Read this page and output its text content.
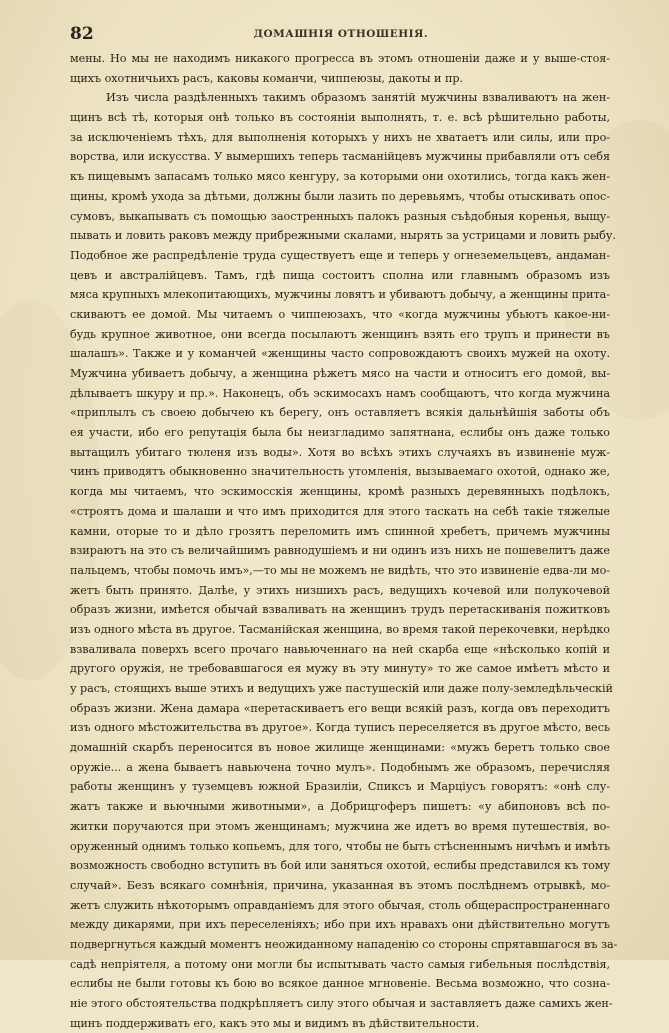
82	ДОМАШНІЯ ОТНОШЕНІЯ.
мены. Но мы не находимъ никакого прогресса въ этомъ отношеніи даже и у выше-стоя-
щихъ охотничьихъ расъ, каковы команчи, чиппеюзы, дакоты и пр.
Изъ числа раздѣленныхъ такимъ образомъ занятій мужчины взваливаютъ на жен-
щинъ всѣ тѣ, которыя онѣ только въ состояніи выполнять, т. е. всѣ рѣшительно работы,
за исключеніемъ тѣхъ, для выполненія которыхъ у нихъ не хватаетъ или силы, или про-
ворства, или искусства. У вымершихъ теперь тасманійцевъ мужчины прибавляли отъ себя
къ пищевымъ запасамъ только мясо кенгуру, за которыми они охотились, тогда какъ жен-
щины, кромѣ ухода за дѣтьми, должны были лазить по деревьямъ, чтобы отыскивать опос-
сумовъ, выкапывать съ помощью заостренныхъ палокъ разныя съѣдобныя коренья, выщу-
пывать и ловить раковъ между прибрежными скалами, нырять за устрицами и ловить рыбу.
Подобное же распредѣленіе труда существуетъ еще и теперь у огнеземельцевъ, андаман-
цевъ и австралійцевъ. Тамъ, гдѣ пища состоитъ сполна или главнымъ образомъ изъ
мяса крупныхъ млекопитающихъ, мужчины ловятъ и убиваютъ добычу, а женщины прита-
скиваютъ ее домой. Мы читаемъ о чиппеюзахъ, что «когда мужчины убьютъ какое-ни-
будь крупное животное, они всегда посылаютъ женщинъ взять его трупъ и принести въ
шалашъ». Также и у команчей «женщины часто сопровождаютъ своихъ мужей на охоту.
Мужчина убиваетъ добычу, а женщина рѣжетъ мясо на части и относитъ его домой, вы-
дѣлываетъ шкуру и пр.». Наконецъ, объ эскимосахъ намъ сообщаютъ, что когда мужчина
«приплылъ съ своею добычею къ берегу, онъ оставляетъ всякія дальнѣйшія заботы объ
ея участи, ибо его репутація была бы неизгладимо запятнана, еслибы онъ даже только
вытащилъ убитаго тюленя изъ воды». Хотя во всѣхъ этихъ случаяхъ въ извиненіе муж-
чинъ приводятъ обыкновенно значительность утомленія, вызываемаго охотой, однако же,
когда мы читаемъ, что эскимосскія женщины, кромѣ разныхъ деревянныхъ подѣлокъ,
«строятъ дома и шалаши и что имъ приходится для этого таскать на себѣ такіе тяжелые
камни, оторые то и дѣло грозятъ переломить имъ спинной хребетъ, причемъ мужчины
взираютъ на это съ величайшимъ равнодушіемъ и ни одинъ изъ нихъ не пошевелитъ даже
пальцемъ, чтобы помочь имъ»,—то мы не можемъ не видѣть, что это извиненіе едва-ли мо-
жетъ быть принято. Далѣе, у этихъ низшихъ расъ, ведущихъ кочевой или полукочевой
образъ жизни, имѣется обычай взваливать на женщинъ трудъ перетаскиванія пожитковъ
изъ одного мѣста въ другое. Тасманійская женщина, во время такой перекочевки, нерѣдко
взваливала поверхъ всего прочаго навьюченнаго на ней скарба еще «нѣсколько копій и
другого оружія, не требовавшагося ея мужу въ эту минуту» то же самое имѣетъ мѣсто и
у расъ, стоящихъ выше этихъ и ведущихъ уже пастушескій или даже полу-земледѣльческій
образъ жизни. Жена дамара «перетаскиваетъ его вещи всякій разъ, когда овъ переходитъ
изъ одного мѣстожительства въ другое». Когда туписъ переселяется въ другое мѣсто, весь
домашній скарбъ переносится въ новое жилище женщинами: «мужъ беретъ только свое
оружіе... а жена бываетъ навьючена точно мулъ». Подобнымъ же образомъ, перечисляя
работы женщинъ у туземцевъ южной Бразиліи, Спиксъ и Марціусъ говорятъ: «онѣ слу-
жатъ также и вьючными животными», а Добрицгоферъ пишетъ: «у абипоновъ всѣ по-
житки поручаются при этомъ женщинамъ; мужчина же идетъ во время путешествія, во-
оруженный однимъ только копьемъ, для того, чтобы не быть стѣсненнымъ ничѣмъ и имѣть
возможность свободно вступить въ бой или заняться охотой, еслибы представился къ тому
случай». Безъ всякаго сомнѣнія, причина, указанная въ этомъ послѣднемъ отрывкѣ, мо-
жетъ служить нѣкоторымъ оправданіемъ для этого обычая, столь общераспространеннаго
между дикарями, при ихъ переселеніяхъ; ибо при ихъ нравахъ они дѣйствительно могутъ
подвергнуться каждый моментъ неожиданному нападенію со стороны спрятавшагося въ за-
садѣ непріятеля, а потому они могли бы испытывать часто самыя гибельныя послѣдствія,
еслибы не были готовы къ бою во всякое данное мгновеніе. Весьма возможно, что созна-
ніе этого обстоятельства подкрѣпляетъ силу этого обычая и заставляетъ даже самихъ жен-
щинъ поддерживать его, какъ это мы и видимъ въ дѣйствительности.
